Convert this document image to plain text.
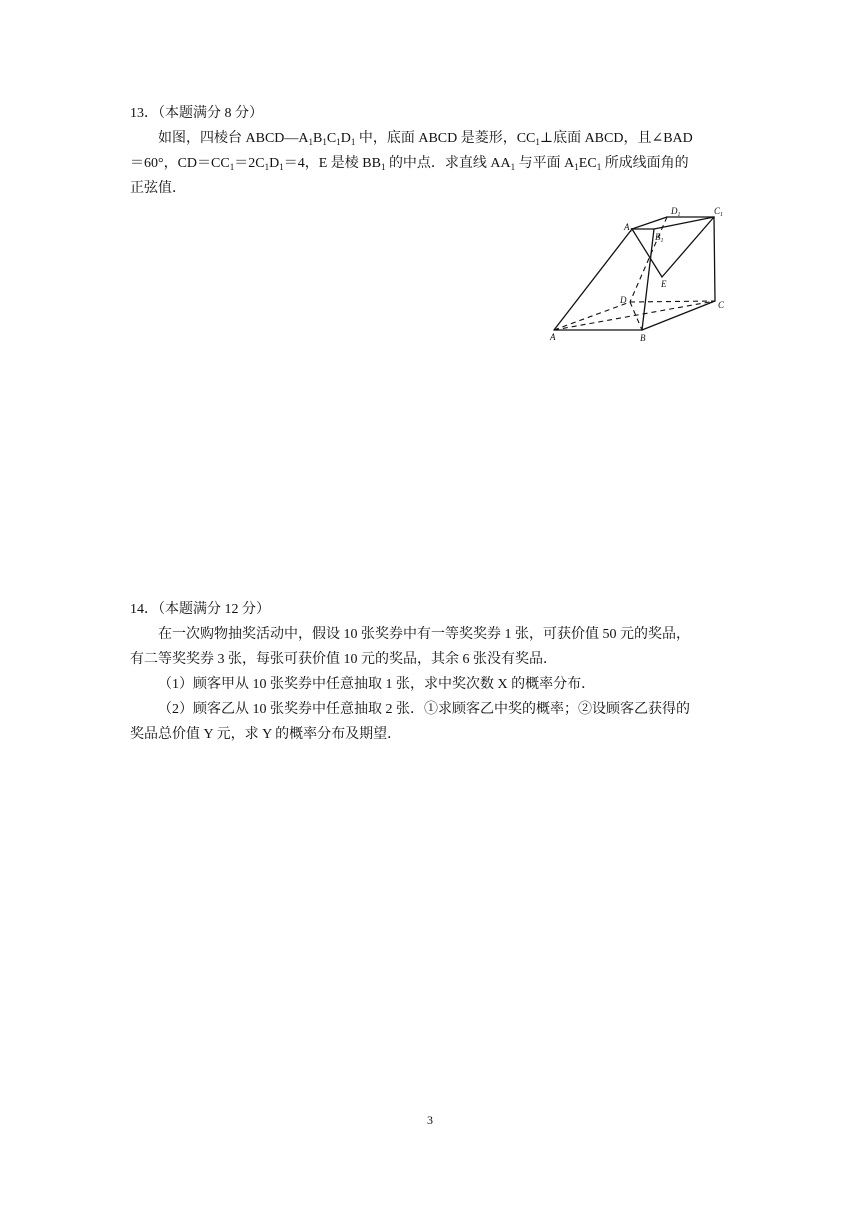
13．（本题满分 8 分）
如图，四棱台 $ABCD—A_1B_1C_1D_1$ 中，底面 ABCD 是菱形，$CC_1\perp$底面 ABCD，且∠BAD
＝60°，$CD=CC_1=2C_1D_1=4$，E 是棱 $BB_1$ 的中点．求直线 $AA_1$ 与平面 $A_1EC_1$ 所成线面角的
正弦值．
$A_1$
$D_1$	$C_1$
$B_1$
E
D	C
A	B
14．（本题满分 12 分）
在一次购物抽奖活动中，假设 10 张奖券中有一等奖奖券 1 张，可获价值 50 元的奖品，
有二等奖奖券 3 张，每张可获价值 10 元的奖品，其余 6 张没有奖品．
（1）顾客甲从 10 张奖券中任意抽取 1 张，求中奖次数 X 的概率分布．
（2）顾客乙从 10 张奖券中任意抽取 2 张．①求顾客乙中奖的概率；②设顾客乙获得的
奖品总价值 Y 元，求 Y 的概率分布及期望．
3
